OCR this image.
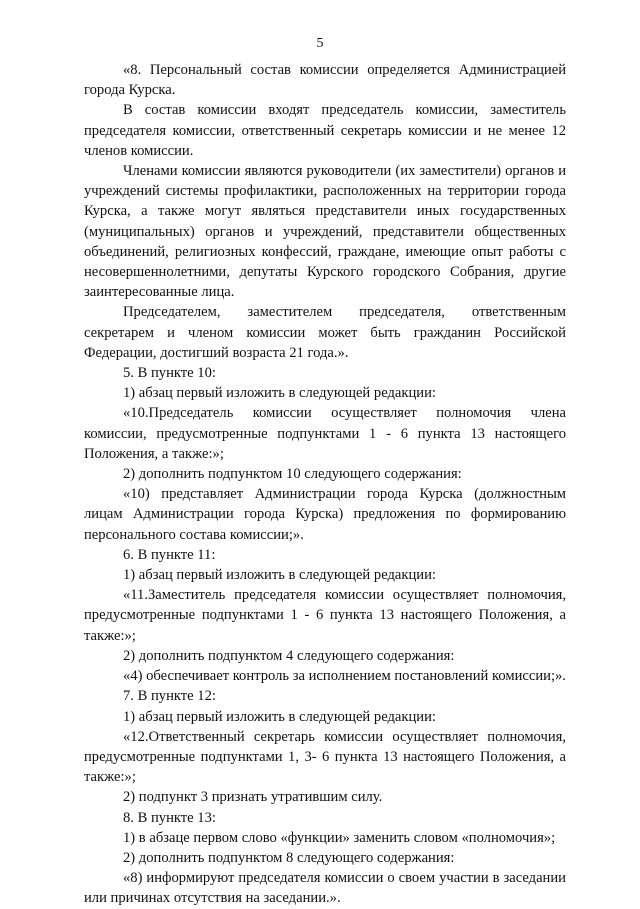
5

«8. Персональный состав комиссии определяется Администрацией города Курска.

В состав комиссии входят председатель комиссии, заместитель председателя комиссии, ответственный секретарь комиссии и не менее 12 членов комиссии.

Членами комиссии являются руководители (их заместители) органов и учреждений системы профилактики, расположенных на территории города Курска, а также могут являться представители иных государственных (муниципальных) органов и учреждений, представители общественных объединений, религиозных конфессий, граждане, имеющие опыт работы с несовершеннолетними, депутаты Курского городского Собрания, другие заинтересованные лица.

Председателем, заместителем председателя, ответственным секретарем и членом комиссии может быть гражданин Российской Федерации, достигший возраста 21 года.».

5. В пункте 10:

1) абзац первый изложить в следующей редакции:

«10.Председатель комиссии осуществляет полномочия члена комиссии, предусмотренные подпунктами 1 - 6 пункта 13 настоящего Положения, а также:»;

2) дополнить подпунктом 10 следующего содержания:

«10) представляет Администрации города Курска (должностным лицам Администрации города Курска) предложения по формированию персонального состава комиссии;».

6. В пункте 11:

1) абзац первый изложить в следующей редакции:

«11.Заместитель председателя комиссии осуществляет полномочия, предусмотренные подпунктами 1 - 6 пункта 13 настоящего Положения, а также:»;

2) дополнить подпунктом 4 следующего содержания:

«4) обеспечивает контроль за исполнением постановлений комиссии;».

7. В пункте 12:

1) абзац первый изложить в следующей редакции:

«12.Ответственный секретарь комиссии осуществляет полномочия, предусмотренные подпунктами 1, 3- 6 пункта 13 настоящего Положения, а также:»;

2) подпункт 3 признать утратившим силу.

8. В пункте 13:

1) в абзаце первом слово «функции» заменить словом «полномочия»;

2) дополнить подпунктом 8 следующего содержания:

«8) информируют председателя комиссии о своем участии в заседании или причинах отсутствия на заседании.».
